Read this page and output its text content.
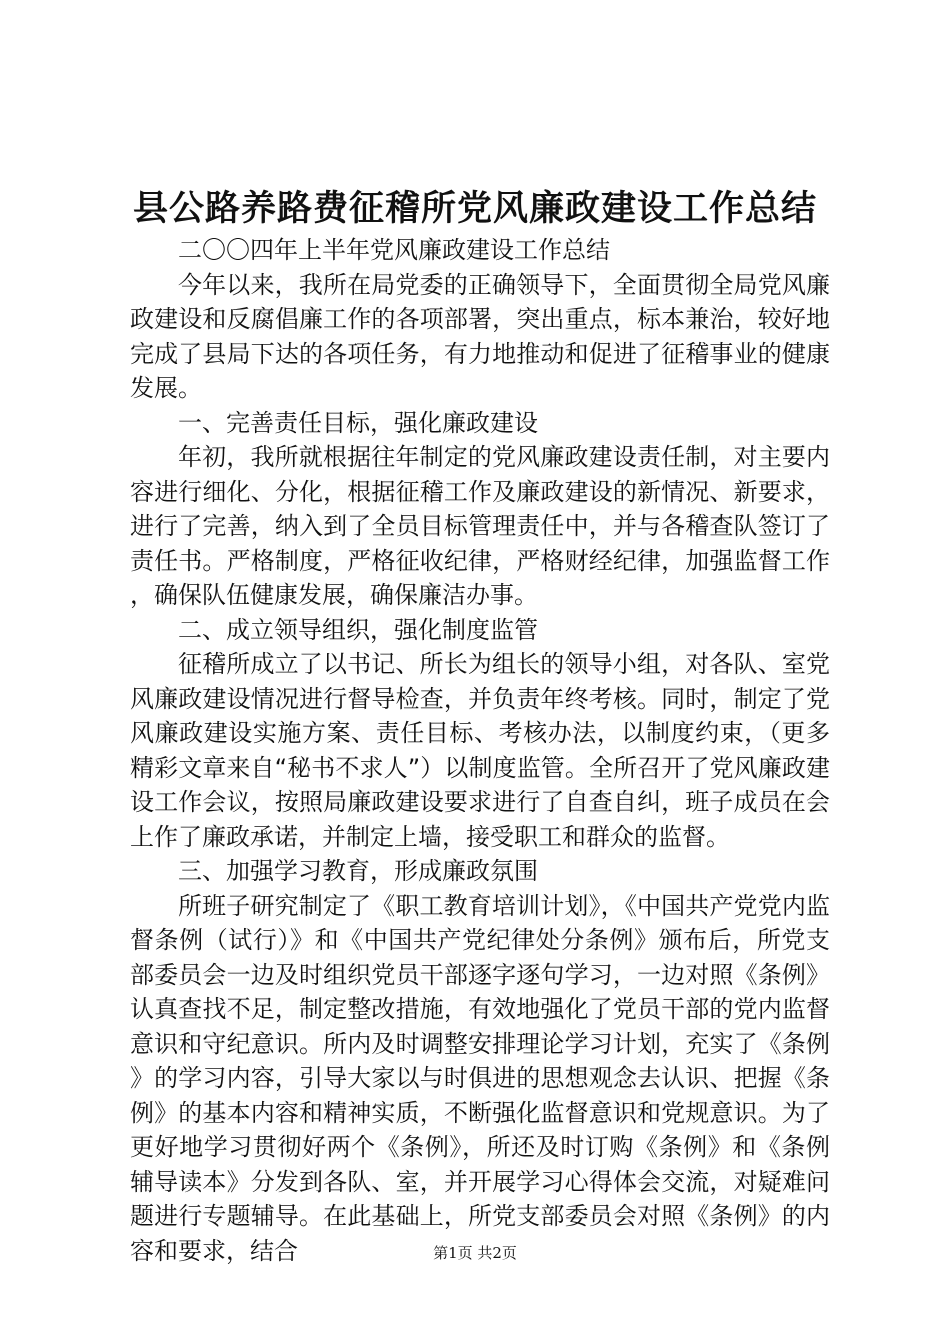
县公路养路费征稽所党风廉政建设工作总结

二〇〇四年上半年党风廉政建设工作总结

今年以来，我所在局党委的正确领导下，全面贯彻全局党风廉政建设和反腐倡廉工作的各项部署，突出重点，标本兼治，较好地完成了县局下达的各项任务，有力地推动和促进了征稽事业的健康发展。

一、完善责任目标，强化廉政建设

年初，我所就根据往年制定的党风廉政建设责任制，对主要内容进行细化、分化，根据征稽工作及廉政建设的新情况、新要求，进行了完善，纳入到了全员目标管理责任中，并与各稽查队签订了责任书。严格制度，严格征收纪律，严格财经纪律，加强监督工作，确保队伍健康发展，确保廉洁办事。

二、成立领导组织，强化制度监管

征稽所成立了以书记、所长为组长的领导小组，对各队、室党风廉政建设情况进行督导检查，并负责年终考核。同时，制定了党风廉政建设实施方案、责任目标、考核办法，以制度约束，（更多精彩文章来自“秘书不求人”）以制度监管。全所召开了党风廉政建设工作会议，按照局廉政建设要求进行了自查自纠，班子成员在会上作了廉政承诺，并制定上墙，接受职工和群众的监督。

三、加强学习教育，形成廉政氛围

所班子研究制定了《职工教育培训计划》，《中国共产党党内监督条例（试行）》和《中国共产党纪律处分条例》颁布后，所党支部委员会一边及时组织党员干部逐字逐句学习，一边对照《条例》认真查找不足，制定整改措施，有效地强化了党员干部的党内监督意识和守纪意识。所内及时调整安排理论学习计划，充实了《条例》的学习内容，引导大家以与时俱进的思想观念去认识、把握《条例》的基本内容和精神实质，不断强化监督意识和党规意识。为了更好地学习贯彻好两个《条例》，所还及时订购《条例》和《条例辅导读本》分发到各队、室，并开展学习心得体会交流，对疑难问题进行专题辅导。在此基础上，所党支部委员会对照《条例》的内容和要求，结合	第1页 共2页
